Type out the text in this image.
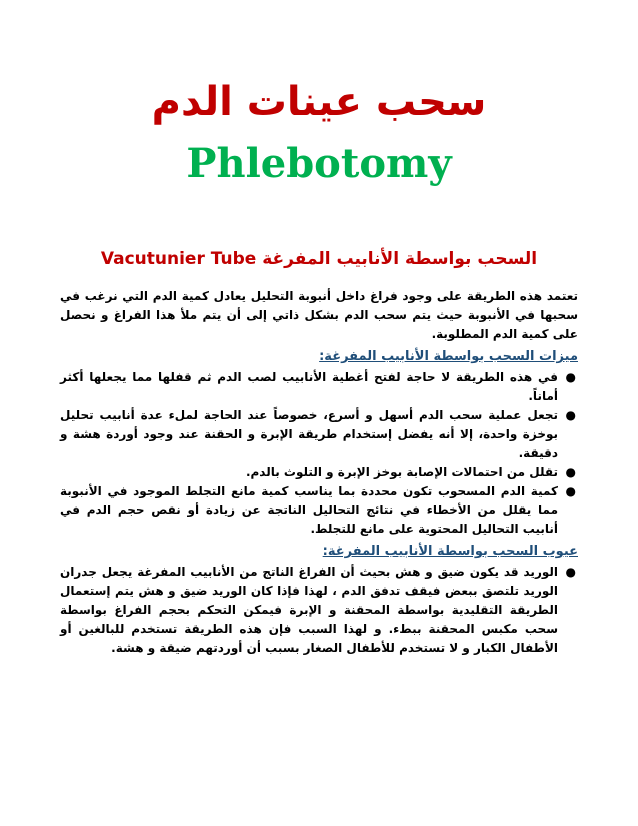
سحب عينات الدم
Phlebotomy
السحب بواسطة الأنابيب المفرغة Vacutunier Tube

تعتمد هذه الطريقة على وجود فراغ داخل أنبوبة التحليل يعادل كمية الدم التي نرغب في سحبها في الأنبوبة حيث يتم سحب الدم بشكل ذاتي إلى أن يتم ملأ هذا الفراغ و نحصل على كمية الدم المطلوبة.

ميزات السحب بواسطة الأنابيب المفرغة:
●
في هذه الطريقة لا حاجة لفتح أغطية الأنابيب لصب الدم ثم قفلها مما يجعلها أكثر أماناً.
●
تجعل عملية سحب الدم أسهل و أسرع، خصوصاً عند الحاجة لملء عدة أنابيب تحليل بوخزة واحدة، إلا أنه يفضل إستخدام طريقة الإبرة و الحقنة عند وجود أوردة هشة و دقيقة.
●
تقلل من احتمالات الإصابة بوخز الإبرة و التلوث بالدم.
●
كمية الدم المسحوب تكون محددة بما يناسب كمية مانع التجلط الموجود في الأنبوبة مما يقلل من الأخطاء في نتائج التحاليل الناتجة عن زيادة أو نقص حجم الدم في أنابيب التحاليل المحتوية على مانع للتجلط.
عيوب السحب بواسطة الأنابيب المفرغة:
●
الوريد قد يكون ضيق و هش بحيث أن الفراغ الناتج من الأنابيب المفرغة يجعل جدران الوريد تلتصق ببعض فيقف تدفق الدم ، لهذا فإذا كان الوريد ضيق و هش يتم إستعمال الطريقة التقليدية بواسطة المحقنة و الإبرة فيمكن التحكم بحجم الفراغ بواسطة سحب مكبس المحقنة ببطء. و لهذا السبب فإن هذه الطريقة تستخدم للبالغين أو الأطفال الكبار و لا تستخدم للأطفال الصغار بسبب أن أوردتهم ضيقة و هشة.
